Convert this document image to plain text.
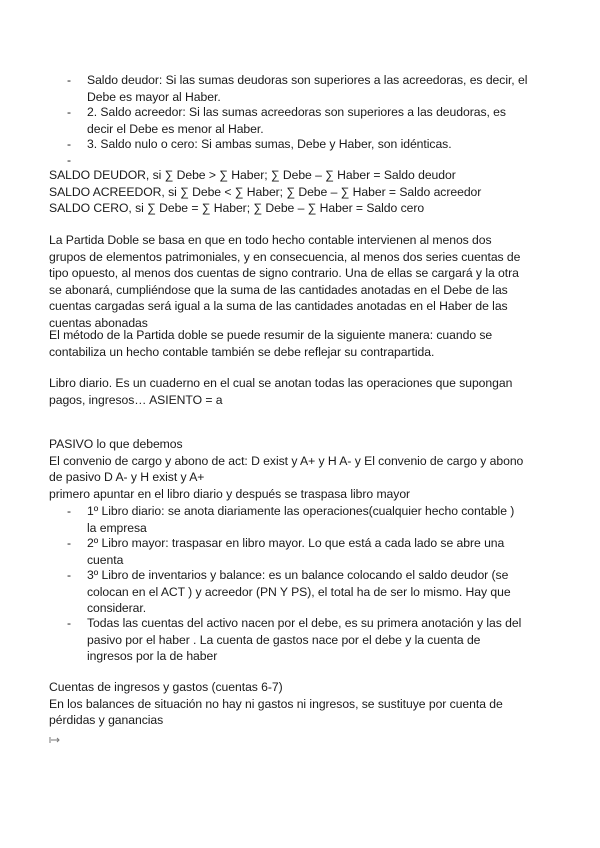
- Saldo deudor: Si las sumas deudoras son superiores a las acreedoras, es decir, el
Debe es mayor al Haber.
- 2. Saldo acreedor: Si las sumas acreedoras son superiores a las deudoras, es
decir el Debe es menor al Haber.
- 3. Saldo nulo o cero: Si ambas sumas, Debe y Haber, son idénticas.
-
SALDO DEUDOR, si ∑ Debe > ∑ Haber; ∑ Debe – ∑ Haber = Saldo deudor
SALDO ACREEDOR, si ∑ Debe < ∑ Haber; ∑ Debe – ∑ Haber = Saldo acreedor
SALDO CERO, si ∑ Debe = ∑ Haber; ∑ Debe – ∑ Haber = Saldo cero
La Partida Doble se basa en que en todo hecho contable intervienen al menos dos
grupos de elementos patrimoniales, y en consecuencia, al menos dos series cuentas de
tipo opuesto, al menos dos cuentas de signo contrario. Una de ellas se cargará y la otra
se abonará, cumpliéndose que la suma de las cantidades anotadas en el Debe de las
cuentas cargadas será igual a la suma de las cantidades anotadas en el Haber de las
cuentas abonadas
El método de la Partida doble se puede resumir de la siguiente manera: cuando se
contabiliza un hecho contable también se debe reflejar su contrapartida.
Libro diario. Es un cuaderno en el cual se anotan todas las operaciones que supongan
pagos, ingresos… ASIENTO = a
PASIVO lo que debemos
El convenio de cargo y abono de act: D exist y A+ y H A- y El convenio de cargo y abono
de pasivo D A- y H exist y A+
primero apuntar en el libro diario y después se traspasa libro mayor
- 1º Libro diario: se anota diariamente las operaciones(cualquier hecho contable )
la empresa
- 2º Libro mayor: traspasar en libro mayor. Lo que está a cada lado se abre una
cuenta
- 3º Libro de inventarios y balance: es un balance colocando el saldo deudor (se
colocan en el ACT ) y acreedor (PN Y PS), el total ha de ser lo mismo. Hay que
considerar.
- Todas las cuentas del activo nacen por el debe, es su primera anotación y las del
pasivo por el haber . La cuenta de gastos nace por el debe y la cuenta de
ingresos por la de haber
Cuentas de ingresos y gastos (cuentas 6-7)
En los balances de situación no hay ni gastos ni ingresos, se sustituye por cuenta de
pérdidas y ganancias
